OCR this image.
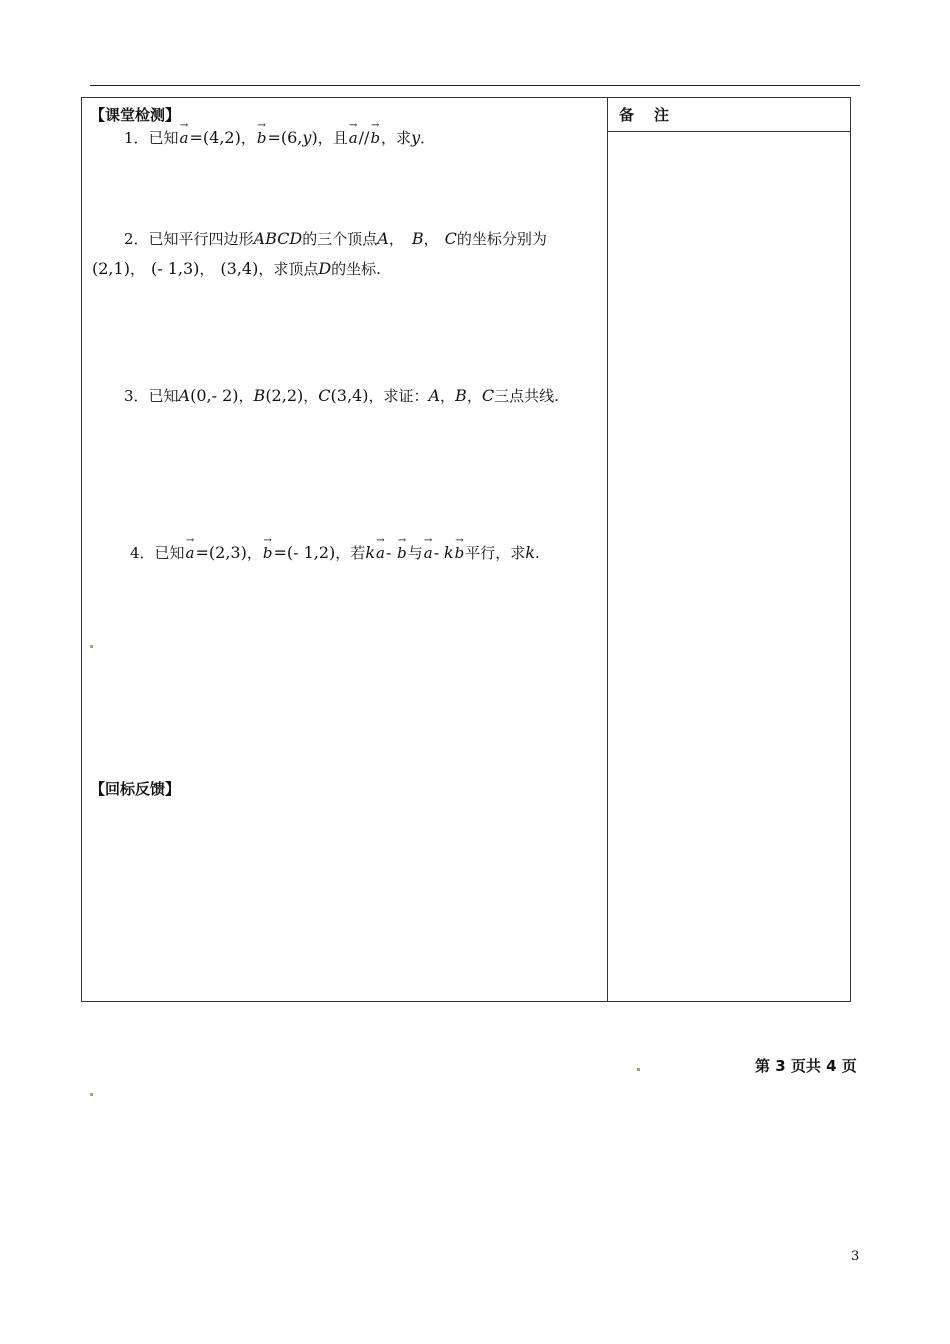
【课堂检测】	备注
1．已知→ a=(4,2)，→ b=(6,y)，且→ a//→ b，求y．
2．已知平行四边形ABCD的三个顶点A， B， C的坐标分别为
(2,1)， (- 1,3)， (3,4)，求顶点D的坐标.
3．已知A(0,- 2)，B(2,2)，C(3,4)，求证：A，B，C三点共线.
4．已知→ a=(2,3)，→ b=(- 1,2)，若k→ a- → b与→ a- k→ b平行，求k.
【回标反馈】
第 3 页共 4 页
3
